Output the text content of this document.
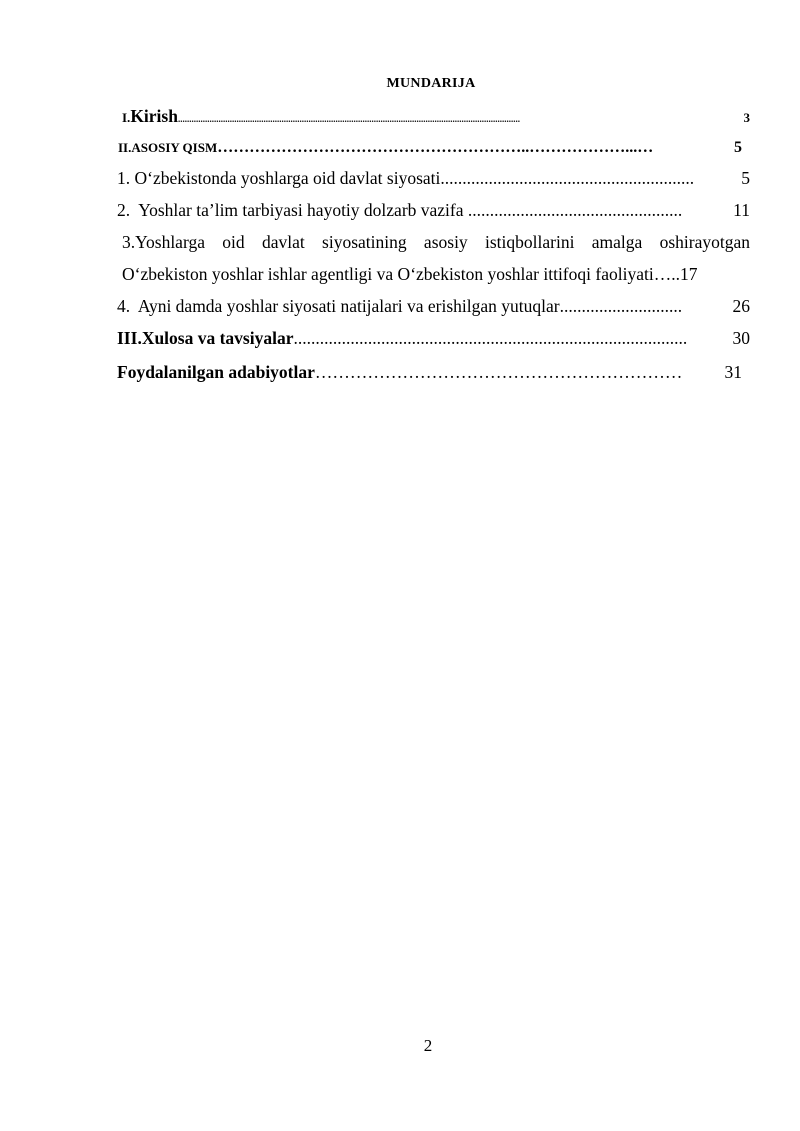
MUNDARIJA
I. Kirish ........................................................................................................................................................	3
II.ASOSIY QISM …………………………………………………..………………...…	5
1. O‘zbekistonda yoshlarga oid davlat siyosati ..........................................................	5
2.  Yoshlar ta’lim tarbiyasi hayotiy dolzarb vazifa .................................................	11
3.Yoshlarga oid davlat siyosatining asosiy istiqbollarini amalga oshirayotgan
O‘zbekiston yoshlar ishlar agentligi va O‘zbekiston yoshlar ittifoqi faoliyati ….. 17
4.  Ayni damda yoshlar siyosati natijalari va erishilgan yutuqlar ............................	26
III .Xulosa va tavsiyalar ..........................................................................................	30
Foydalanilgan adabiyotlar ………………………………………………………	31
2
